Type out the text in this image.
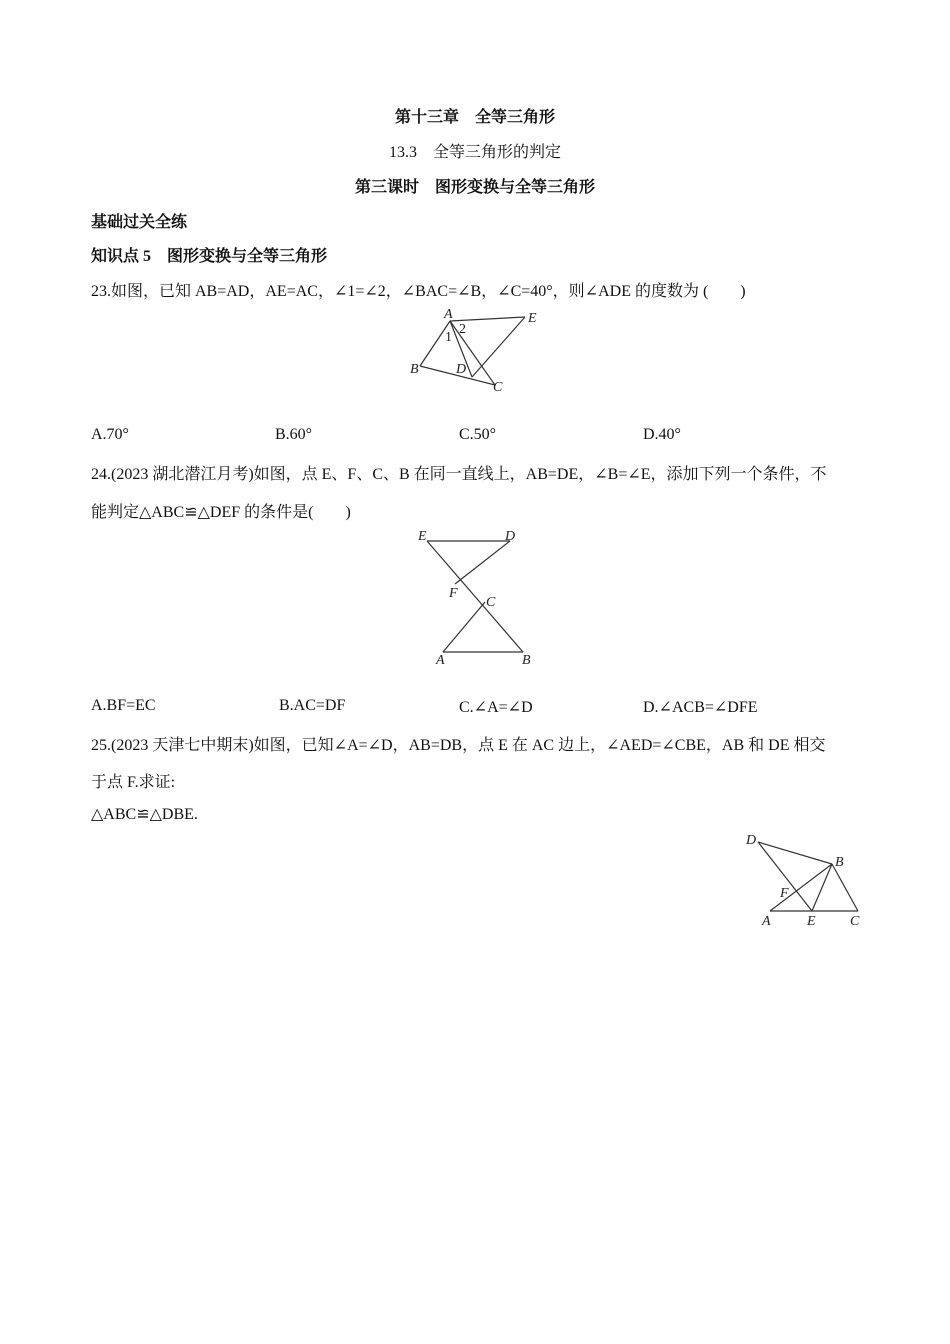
第十三章　全等三角形
13.3　全等三角形的判定
第三课时　图形变换与全等三角形
基础过关全练
知识点 5　图形变换与全等三角形
23.如图，已知 AB=AD，AE=AC，∠1=∠2，∠BAC=∠B，∠C=40°，则∠ADE 的度数为 (　　)
A	E
B	D
C
1
2
A.70°	B.60°	C.50°	D.40°
24.(2023 湖北潜江月考)如图，点 E、F、C、B 在同一直线上，AB=DE，∠B=∠E，添加下列一个条件，不
能判定△ABC≌△DEF 的条件是(　　)
E	D
F
C
A	B
A.BF=EC	B.AC=DF	C.∠A=∠D	D.∠ACB=∠DFE
25.(2023 天津七中期末)如图，已知∠A=∠D，AB=DB，点 E 在 AC 边上，∠AED=∠CBE，AB 和 DE 相交
于点 F.求证:
△ABC≌△DBE.
D
B
F
A	E C
